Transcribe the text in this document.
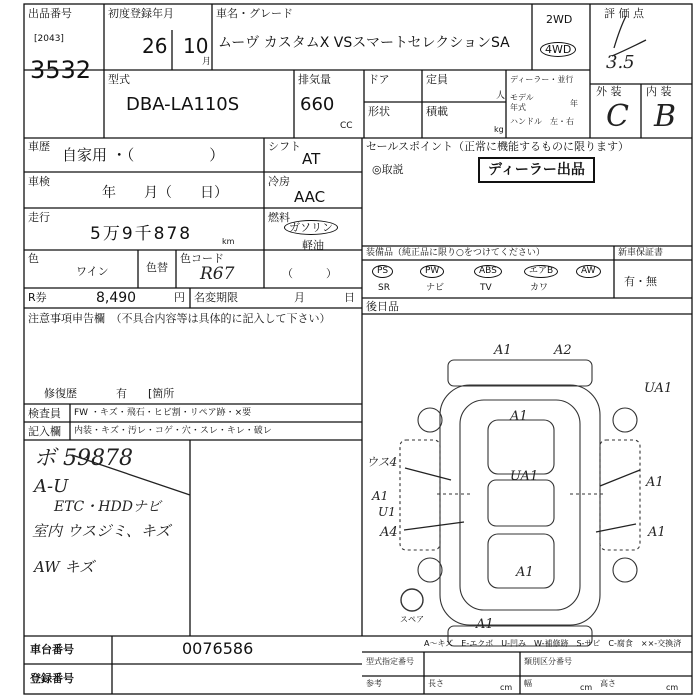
出品番号
[2043]
3532
初度登録年月
26 10
月
車名・グレード
ムーヴ カスタムX VSスマートセレクションSA
2WD
4WD
評 価 点
3.5
型式
DBA-LA110S
排気量
660
CC
ドア	定員
人
形状	積載
kg
ディーラー・並行
モデル
年式	年
ハンドル 左・右
外 装 内 装
C B
車歴 自家用 ・（　　　　　）	シフト
AT
車検
年　　月（　　日）
冷房
AAC
走行
5万9千878	km
燃料
ガソリン
軽油
色
ワイン	色替
色コード
R67	（　　　）
R券	8,490	円 名変期限	月	日
注意事項申告欄　（不具合内容等は具体的に記入して下さい）
修復歴	有 [箇所
検査員 FW ・キズ・飛石・ヒビ割・リペア跡・×要
記入欄 内装・キズ・汚レ・コゲ・穴・スレ・キレ・破レ
ボ 59878
A-U
ETC・HDDナビ
室内 ウスジミ、キズ
AW キズ
セールスポイント（正常に機能するものに限ります）
◎取説	ディーラー出品
装備品（純正品に限り○をつけてください）	新車保証書
PS	PW	ABS	エアB	AW
SR	ナビ	TV	カワ	有・無
後日品
A1	A2
UA1
A1
UA1	A1
ウス4
A1
U1
A4	A1
A1
A1
スペア
A～キズ　E-エクボ　U-凹み　W-補修跡　S-サビ　C-腐食　××-交換済
車台番号	0076586
登録番号
型式指定番号	類別区分番号
参考	長さ	cm 幅	cm 高さ	cm
